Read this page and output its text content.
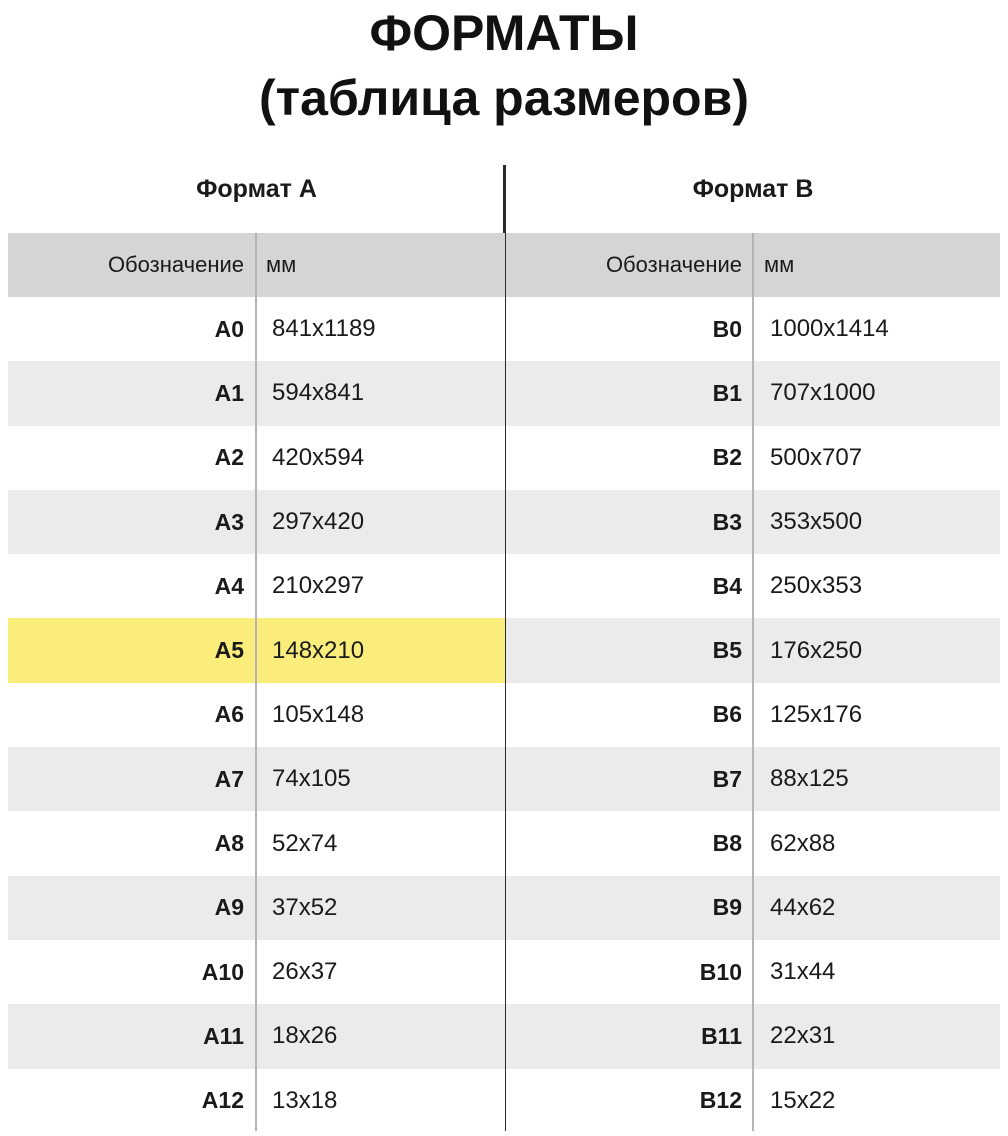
ФОРМАТЫ
(таблица размеров)
Формат А
Обозначение мм
A0 841x1189
A1 594x841
A2 420x594
A3 297x420
A4 210x297
A5 148x210
A6 105x148
A7 74x105
A8 52x74
A9 37x52
A10 26x37
A11 18x26
A12 13x18
Формат В
Обозначение мм
B0 1000x1414
B1 707x1000
B2 500x707
B3 353x500
B4 250x353
B5 176x250
B6 125x176
B7 88x125
B8 62x88
B9 44x62
B10 31x44
B11 22x31
B12 15x22
